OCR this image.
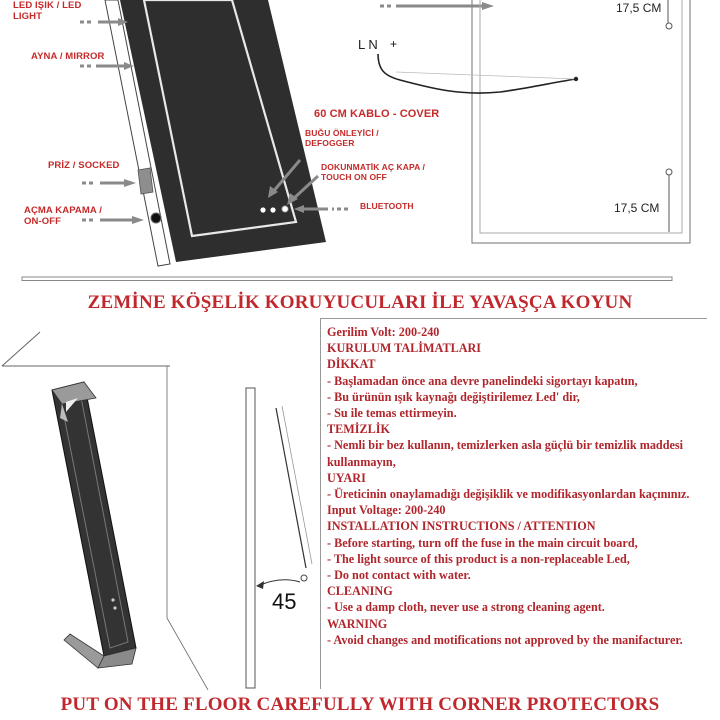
+
LED IŞIK / LED
LIGHT
AYNA / MIRROR
PRİZ / SOCKED
AÇMA KAPAMA /
ON-OFF
60 CM KABLO - COVER
BUĞU ÖNLEYİCİ /
DEFOGGER
DOKUNMATİK AÇ KAPA /
TOUCH ON OFF
BLUETOOTH
17,5 CM
17,5 CM
L N
ZEMİNE KÖŞELİK KORUYUCULARI İLE YAVAŞÇA KOYUN
45
Gerilim Volt: 200-240
KURULUM TALİMATLARI
DİKKAT
- Başlamadan önce ana devre panelindeki sigortayı kapatın,
- Bu ürünün ışık kaynağı değiştirilemez Led' dir,
- Su ile temas ettirmeyin.
TEMİZLİK
- Nemli bir bez kullanın, temizlerken asla güçlü bir temizlik maddesi kullanmayın,
UYARI
- Üreticinin onaylamadığı değişiklik ve modifikasyonlardan kaçınınız.
Input Voltage: 200-240
INSTALLATION INSTRUCTIONS / ATTENTION
- Before starting, turn off the fuse in the main circuit board,
- The light source of this product is a non-replaceable Led,
- Do not contact with water.
CLEANING
- Use a damp cloth, never use a strong cleaning agent.
WARNING
- Avoid changes and motifications not approved by the manifacturer.
PUT ON THE FLOOR CAREFULLY WITH CORNER PROTECTORS
